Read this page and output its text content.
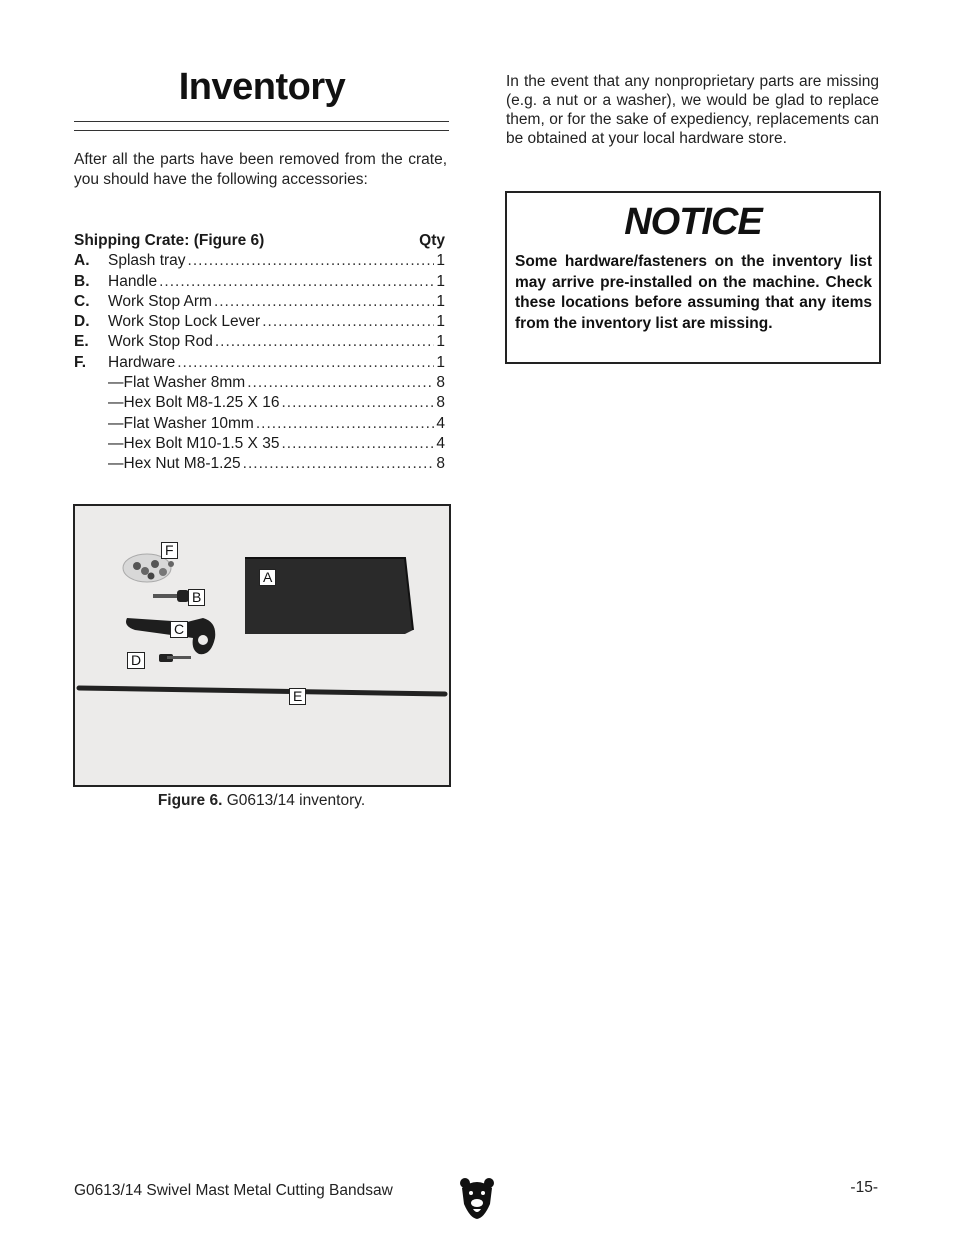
Inventory

After all the parts have been removed from the crate, you should have the following accessories:

Shipping Crate: (Figure 6)	Qty
A.	Splash tray .....	1
B.	Handle .....	1
C.	Work Stop Arm .....	1
D.	Work Stop Lock Lever .....	1
E.	Work Stop Rod .....	1
F.	Hardware .....	1
—Flat Washer 8mm .....	8
—Hex Bolt M8-1.25 X 16 .....	8
—Flat Washer 10mm .....	4
—Hex Bolt M10-1.5 X 35 .....	4
—Hex Nut M8-1.25 .....	8
F
A
B
C
D
E
Figure 6. G0613/14 inventory.

In the event that any nonproprietary parts are missing (e.g. a nut or a washer), we would be glad to replace them, or for the sake of expediency, replacements can be obtained at your local hardware store.

NOTICE

Some hardware/fasteners on the inventory list may arrive pre-installed on the machine. Check these locations before assuming that any items from the inventory list are missing.

G0613/14 Swivel Mast Metal Cutting Bandsaw	-15-
